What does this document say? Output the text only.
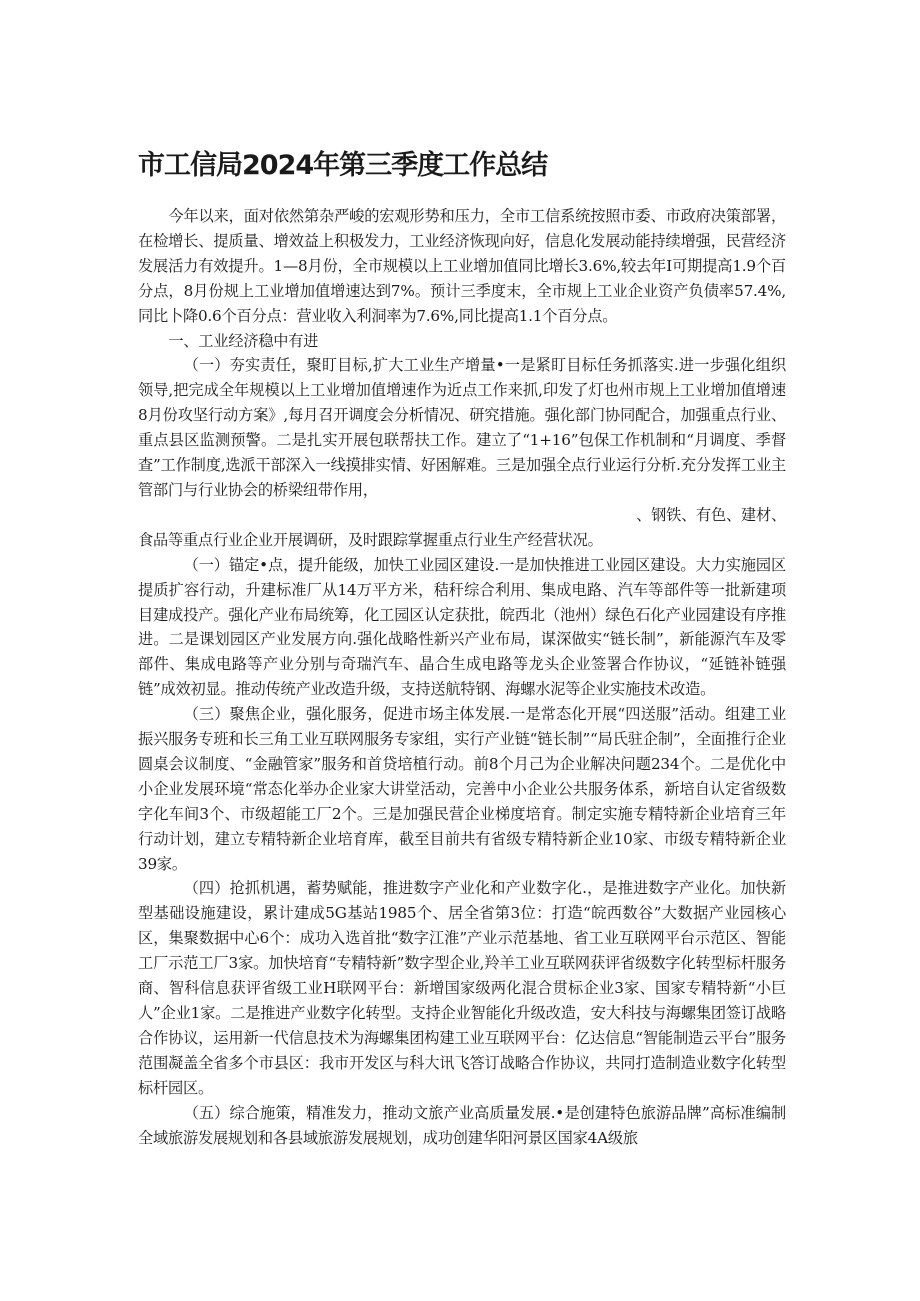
市工信局2024年第三季度工作总结

今年以来，面对依然第杂严峻的宏观形势和压力，全市工信系统按照市委、市政府决策部署，在检增长、提质量、增效益上积极发力，工业经济恢现向好，信息化发展动能持续增强，民营经济发展活力有效提升。1—8月份，全市规模以上工业增加值同比增长3.6%,较去年I可期提高1.9个百分点，8月份规上工业增加值增速达到7%。预计三季度末，全市规上工业企业资产负债率57.4%,同比卜降0.6个百分点：营业收入利洞率为7.6%,同比提高1.1个百分点。

一、工业经济稳中有进

（一）夯实责任，聚盯目标,扩大工业生产增量•一是紧盯目标任务抓落实.进一步强化组织领导,把完成全年规模以上工业增加值增速作为近点工作来抓,印发了灯也州市规上工业增加值增速8月份攻坚行动方案》,每月召开调度会分析情况、研究措施。强化部门协同配合，加强重点行业、重点县区监测预警。二是扎实开展包联帮扶工作。建立了“1+16”包保工作机制和“月调度、季督查”工作制度,选派干部深入一线摸排实情、好困解难。三是加强全点行业运行分析.充分发挥工业主管部门与行业协会的桥梁纽带作用，

、钢铁、有色、建材、

食品等重点行业企业开展调研，及时跟踪掌握重点行业生产经营状况。

（一）锚定•点，提升能级，加快工业园区建设.一是加快推进工业园区建设。大力实施园区提质扩容行动，升建标准厂从14万平方米，秸秆综合利用、集成电路、汽车等部件等一批新建项目建成投产。强化产业布局统筹，化工园区认定获批，皖西北（池州）绿色石化产业园建设有序推进。二是课划园区产业发展方向.强化战略性新兴产业布局，谋深做实“链长制”，新能源汽车及零部件、集成电路等产业分别与奇瑞汽车、晶合生成电路等龙头企业签署合作协议，“延链补链强链”成效初显。推动传统产业改造升级，支持送航特钢、海螺水泥等企业实施技术改造。

（三）聚焦企业，强化服务，促进市场主体发展.一是常态化开展“四送服”活动。组建工业振兴服务专班和长三角工业互联网服务专家组，实行产业链“链长制”“局氏驻企制”，全面推行企业圆桌会议制度、“金融管家”服务和首贷培植行动。前8个月己为企业解决问题234个。二是优化中小企业发展环境“常态化举办企业家大讲堂活动，完善中小企业公共服务体系，新培自认定省级数字化车间3个、市级超能工厂2个。三是加强民营企业梯度培育。制定实施专精特新企业培育三年行动计划，建立专精特新企业培育库，截至目前共有省级专精特新企业10家、市级专精特新企业39家。

（四）抢抓机遇，蓄势赋能，推进数字产业化和产业数字化.，是推进数字产业化。加快新型基础设施建设，累计建成5G基站1985个、居全省第3位：打造“皖西数谷”大数据产业园核心区，集聚数据中心6个：成功入选首批“数字江淮”产业示范基地、省工业互联网平台示范区、智能工厂示范工厂3家。加快培育“专精特新”数字型企业,羚羊工业互联网获评省级数字化转型标杆服务商、智科信息获评省级工业H联网平台：新增国家级两化混合贯标企业3家、国家专精特新“小巨人”企业1家。二是推进产业数字化转型。支持企业智能化升级改造，安大科技与海螺集团签订战略合作协议，运用新一代信息技术为海螺集团构建工业互联网平台：亿达信息“智能制造云平台”服务范围凝盖全省多个市县区：我市开发区与科大讯飞答订战略合作协议，共同打造制造业数字化转型标杆园区。

（五）综合施策，精准发力，推动文旅产业高质量发展.•是创建特色旅游品牌”高标准编制全域旅游发展规划和各县域旅游发展规划，成功创建华阳河景区国家4A级旅
